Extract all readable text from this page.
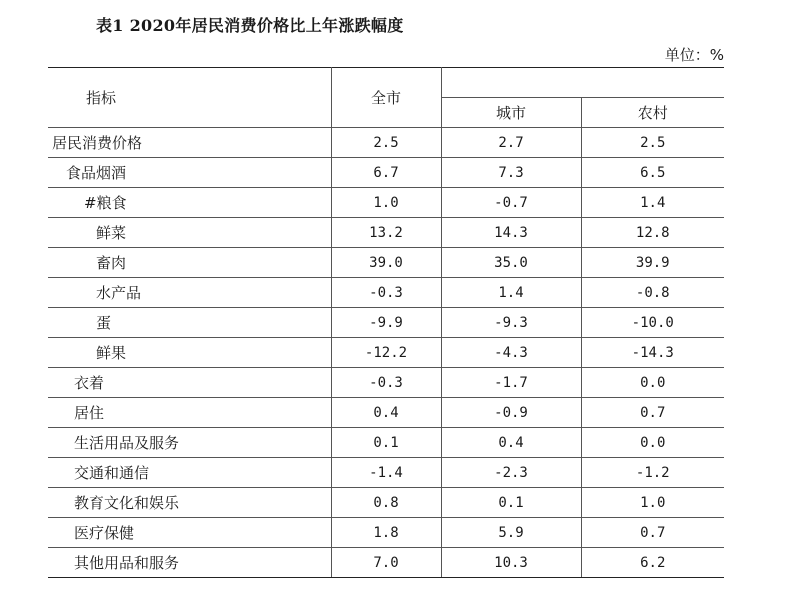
表1 2020年居民消费价格比上年涨跌幅度
单位：%
指标	全市		
		城市	农村
居民消费价格	2.5	2.7	2.5
食品烟酒	6.7	7.3	6.5
#粮食	1.0	-0.7	1.4
鲜菜	13.2	14.3	12.8
畜肉	39.0	35.0	39.9
水产品	-0.3	1.4	-0.8
蛋	-9.9	-9.3	-10.0
鲜果	-12.2	-4.3	-14.3
衣着	-0.3	-1.7	0.0
居住	0.4	-0.9	0.7
生活用品及服务	0.1	0.4	0.0
交通和通信	-1.4	-2.3	-1.2
教育文化和娱乐	0.8	0.1	1.0
医疗保健	1.8	5.9	0.7
其他用品和服务	7.0	10.3	6.2
